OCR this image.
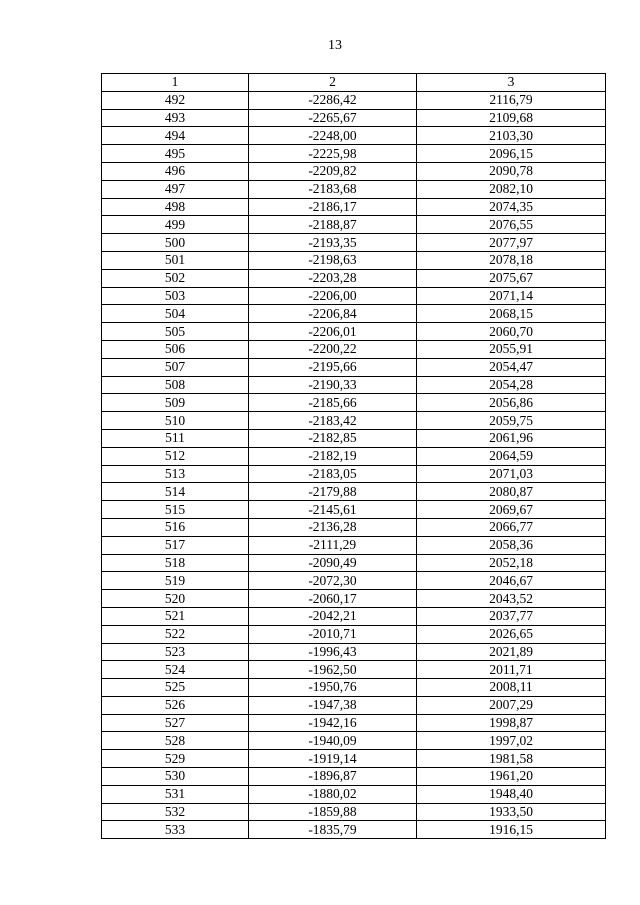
13
1	2	3
492	-2286,42	2116,79
493	-2265,67	2109,68
494	-2248,00	2103,30
495	-2225,98	2096,15
496	-2209,82	2090,78
497	-2183,68	2082,10
498	-2186,17	2074,35
499	-2188,87	2076,55
500	-2193,35	2077,97
501	-2198,63	2078,18
502	-2203,28	2075,67
503	-2206,00	2071,14
504	-2206,84	2068,15
505	-2206,01	2060,70
506	-2200,22	2055,91
507	-2195,66	2054,47
508	-2190,33	2054,28
509	-2185,66	2056,86
510	-2183,42	2059,75
511	-2182,85	2061,96
512	-2182,19	2064,59
513	-2183,05	2071,03
514	-2179,88	2080,87
515	-2145,61	2069,67
516	-2136,28	2066,77
517	-2111,29	2058,36
518	-2090,49	2052,18
519	-2072,30	2046,67
520	-2060,17	2043,52
521	-2042,21	2037,77
522	-2010,71	2026,65
523	-1996,43	2021,89
524	-1962,50	2011,71
525	-1950,76	2008,11
526	-1947,38	2007,29
527	-1942,16	1998,87
528	-1940,09	1997,02
529	-1919,14	1981,58
530	-1896,87	1961,20
531	-1880,02	1948,40
532	-1859,88	1933,50
533	-1835,79	1916,15
